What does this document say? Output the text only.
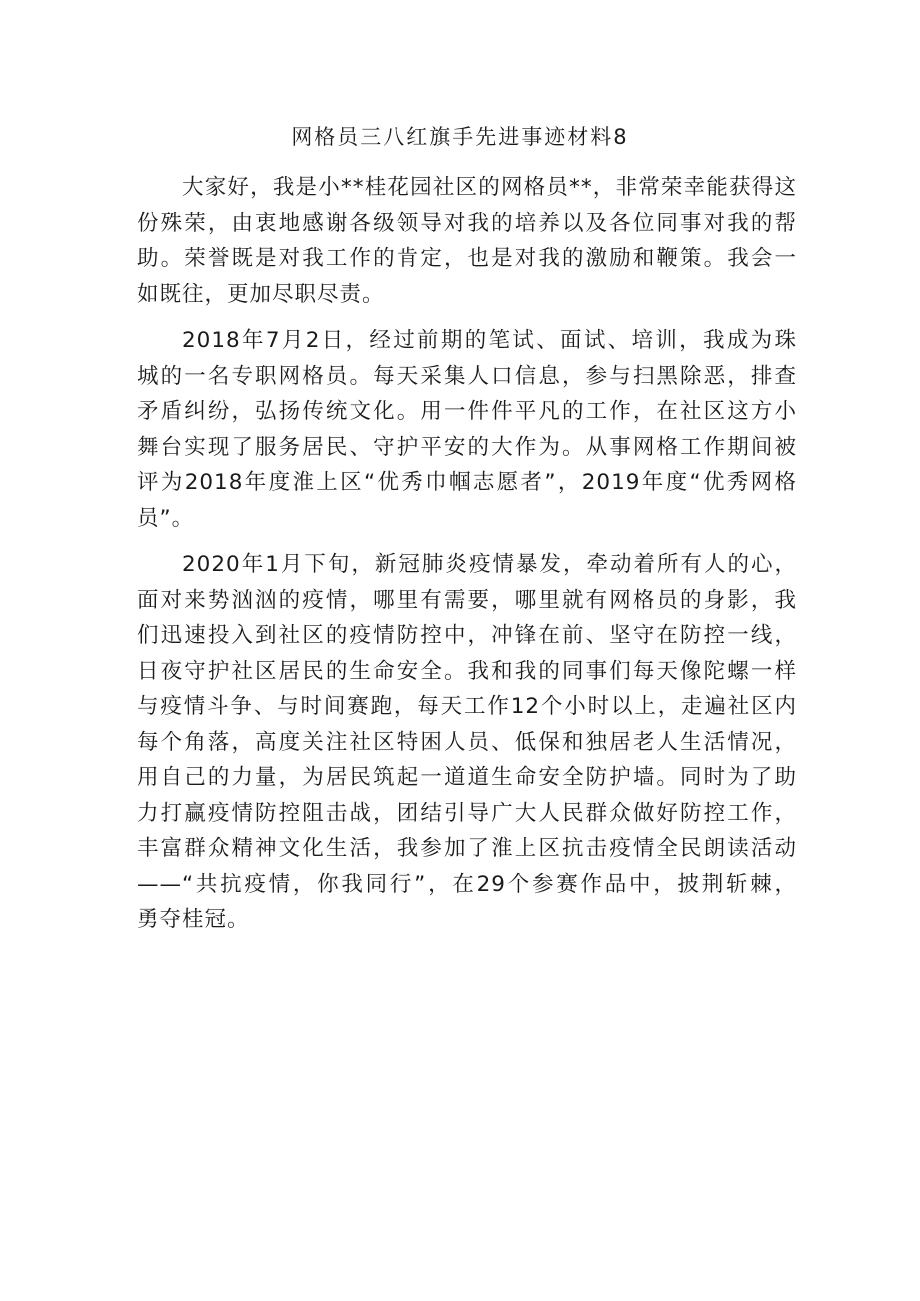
网格员三八红旗手先进事迹材料8
大家好，我是小**桂花园社区的网格员**，非常荣幸能获得这
份殊荣，由衷地感谢各级领导对我的培养以及各位同事对我的帮
助。荣誉既是对我工作的肯定，也是对我的激励和鞭策。我会一
如既往，更加尽职尽责。
2018年7月2日，经过前期的笔试、面试、培训，我成为珠
城的一名专职网格员。每天采集人口信息，参与扫黑除恶，排查
矛盾纠纷，弘扬传统文化。用一件件平凡的工作，在社区这方小
舞台实现了服务居民、守护平安的大作为。从事网格工作期间被
评为2018年度淮上区“优秀巾帼志愿者”，2019年度“优秀网格
员”。
2020年1月下旬，新冠肺炎疫情暴发，牵动着所有人的心，
面对来势汹汹的疫情，哪里有需要，哪里就有网格员的身影，我
们迅速投入到社区的疫情防控中，冲锋在前、坚守在防控一线，
日夜守护社区居民的生命安全。我和我的同事们每天像陀螺一样
与疫情斗争、与时间赛跑，每天工作12个小时以上，走遍社区内
每个角落，高度关注社区特困人员、低保和独居老人生活情况，
用自己的力量，为居民筑起一道道生命安全防护墙。同时为了助
力打赢疫情防控阻击战，团结引导广大人民群众做好防控工作，
丰富群众精神文化生活，我参加了淮上区抗击疫情全民朗读活动
——“共抗疫情，你我同行”，在29个参赛作品中，披荆斩棘，
勇夺桂冠。
